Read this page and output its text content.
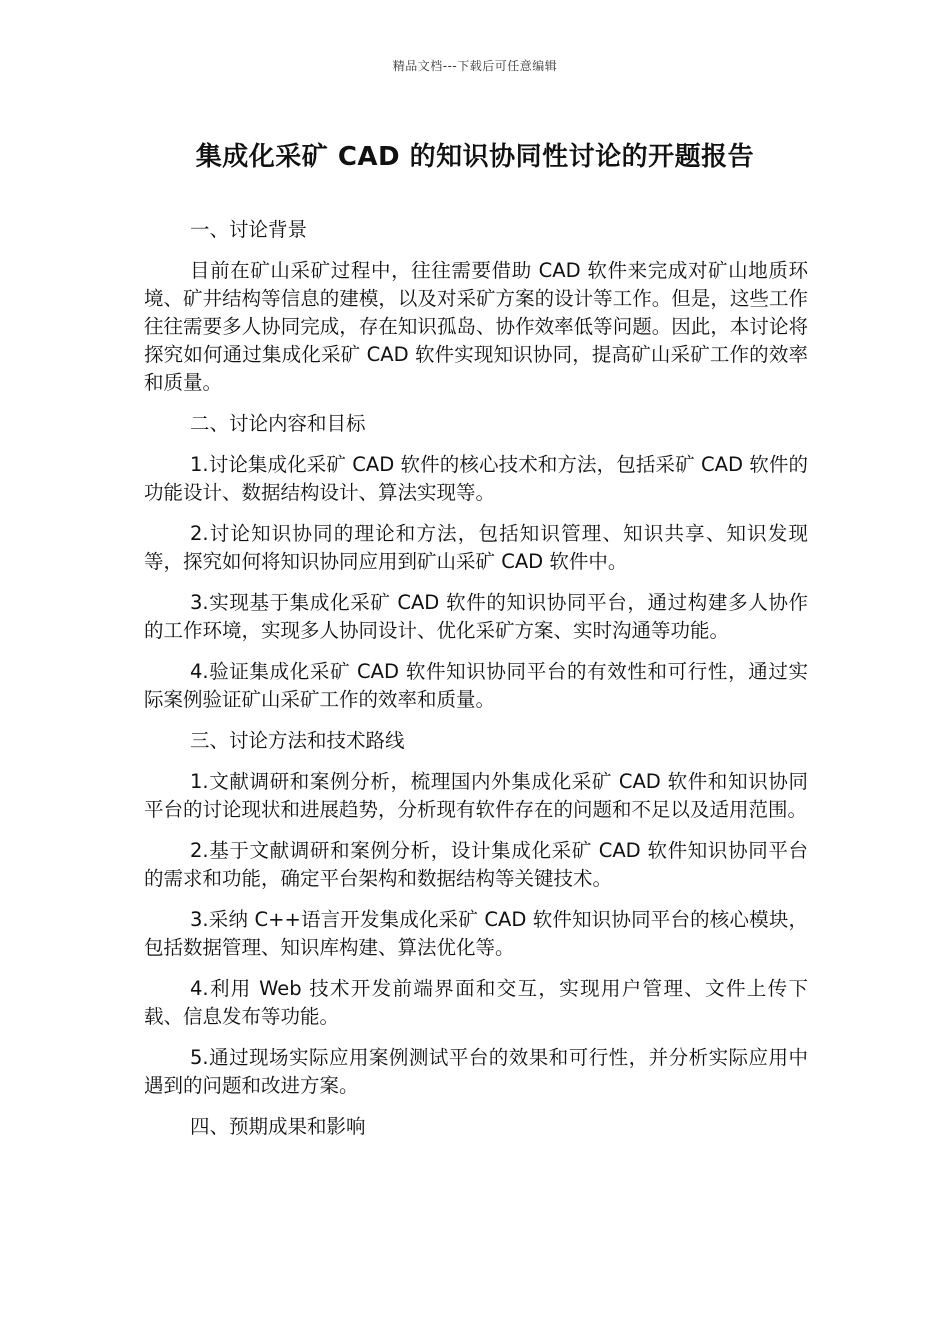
精品文档---下载后可任意编辑
集成化采矿 CAD 的知识协同性讨论的开题报告

一、讨论背景

目前在矿山采矿过程中，往往需要借助 CAD 软件来完成对矿山地质环境、矿井结构等信息的建模，以及对采矿方案的设计等工作。但是，这些工作往往需要多人协同完成，存在知识孤岛、协作效率低等问题。因此，本讨论将探究如何通过集成化采矿 CAD 软件实现知识协同，提高矿山采矿工作的效率和质量。

二、讨论内容和目标

1.讨论集成化采矿 CAD 软件的核心技术和方法，包括采矿 CAD 软件的功能设计、数据结构设计、算法实现等。

2.讨论知识协同的理论和方法，包括知识管理、知识共享、知识发现等，探究如何将知识协同应用到矿山采矿 CAD 软件中。

3.实现基于集成化采矿 CAD 软件的知识协同平台，通过构建多人协作的工作环境，实现多人协同设计、优化采矿方案、实时沟通等功能。

4.验证集成化采矿 CAD 软件知识协同平台的有效性和可行性，通过实际案例验证矿山采矿工作的效率和质量。

三、讨论方法和技术路线

1.文献调研和案例分析，梳理国内外集成化采矿 CAD 软件和知识协同平台的讨论现状和进展趋势，分析现有软件存在的问题和不足以及适用范围。

2.基于文献调研和案例分析，设计集成化采矿 CAD 软件知识协同平台的需求和功能，确定平台架构和数据结构等关键技术。

3.采纳 C++语言开发集成化采矿 CAD 软件知识协同平台的核心模块，包括数据管理、知识库构建、算法优化等。

4.利用 Web 技术开发前端界面和交互，实现用户管理、文件上传下载、信息发布等功能。

5.通过现场实际应用案例测试平台的效果和可行性，并分析实际应用中遇到的问题和改进方案。

四、预期成果和影响
